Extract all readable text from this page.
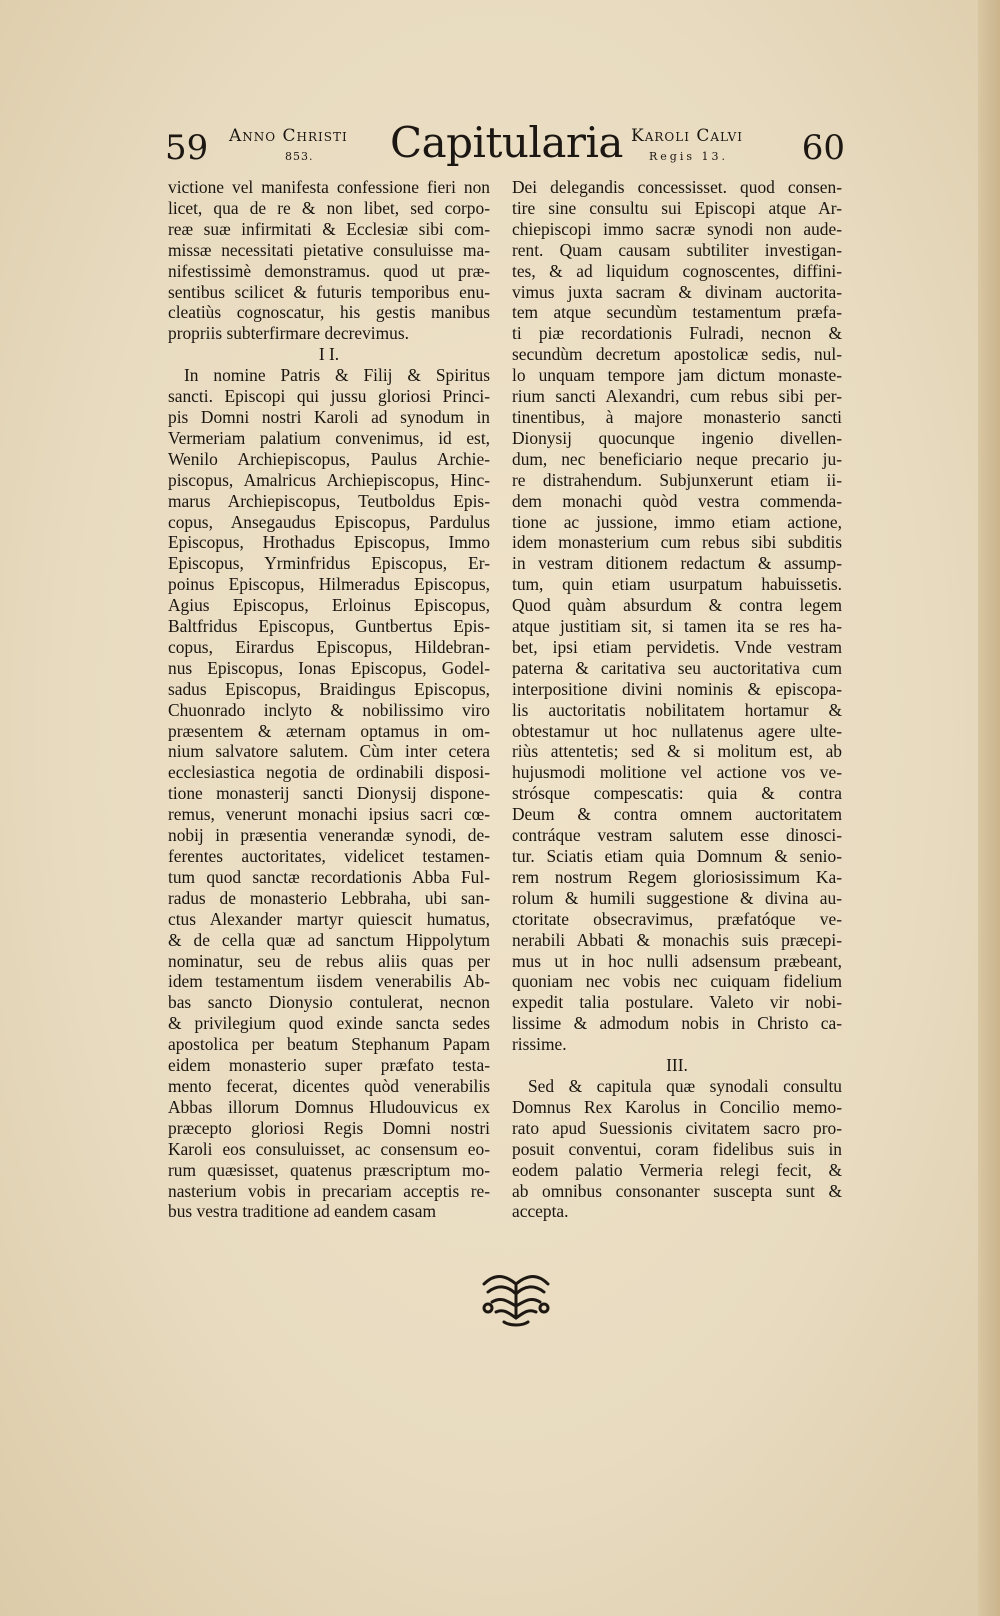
59 Anno Christi
853. Capitularia Karoli Calvi
Regis 13. 60
victione vel manifesta confessione fieri non
licet, qua de re & non libet, sed corpo-
reæ suæ infirmitati & Ecclesiæ sibi com-
missæ necessitati pietative consuluisse ma-
nifestissimè demonstramus. quod ut præ-
sentibus scilicet & futuris temporibus enu-
cleatiùs cognoscatur, his gestis manibus
propriis subterfirmare decrevimus.
I I.
In nomine Patris & Filij & Spiritus
sancti. Episcopi qui jussu gloriosi Princi-
pis Domni nostri Karoli ad synodum in
Vermeriam palatium convenimus, id est,
Wenilo Archiepiscopus, Paulus Archie-
piscopus, Amalricus Archiepiscopus, Hinc-
marus Archiepiscopus, Teutboldus Epis-
copus, Ansegaudus Episcopus, Pardulus
Episcopus, Hrothadus Episcopus, Immo
Episcopus, Yrminfridus Episcopus, Er-
poinus Episcopus, Hilmeradus Episcopus,
Agius Episcopus, Erloinus Episcopus,
Baltfridus Episcopus, Guntbertus Epis-
copus, Eirardus Episcopus, Hildebran-
nus Episcopus, Ionas Episcopus, Godel-
sadus Episcopus, Braidingus Episcopus,
Chuonrado inclyto & nobilissimo viro
præsentem & æternam optamus in om-
nium salvatore salutem. Cùm inter cetera
ecclesiastica negotia de ordinabili disposi-
tione monasterij sancti Dionysij dispone-
remus, venerunt monachi ipsius sacri cœ-
nobij in præsentia venerandæ synodi, de-
ferentes auctoritates, videlicet testamen-
tum quod sanctæ recordationis Abba Ful-
radus de monasterio Lebbraha, ubi san-
ctus Alexander martyr quiescit humatus,
& de cella quæ ad sanctum Hippolytum
nominatur, seu de rebus aliis quas per
idem testamentum iisdem venerabilis Ab-
bas sancto Dionysio contulerat, necnon
& privilegium quod exinde sancta sedes
apostolica per beatum Stephanum Papam
eidem monasterio super præfato testa-
mento fecerat, dicentes quòd venerabilis
Abbas illorum Domnus Hludouvicus ex
præcepto gloriosi Regis Domni nostri
Karoli eos consuluisset, ac consensum eo-
rum quæsisset, quatenus præscriptum mo-
nasterium vobis in precariam acceptis re-
bus vestra traditione ad eandem casam
Dei delegandis concessisset. quod consen-
tire sine consultu sui Episcopi atque Ar-
chiepiscopi immo sacræ synodi non aude-
rent. Quam causam subtiliter investigan-
tes, & ad liquidum cognoscentes, diffini-
vimus juxta sacram & divinam auctorita-
tem atque secundùm testamentum præfa-
ti piæ recordationis Fulradi, necnon &
secundùm decretum apostolicæ sedis, nul-
lo unquam tempore jam dictum monaste-
rium sancti Alexandri, cum rebus sibi per-
tinentibus, à majore monasterio sancti
Dionysij quocunque ingenio divellen-
dum, nec beneficiario neque precario ju-
re distrahendum. Subjunxerunt etiam ii-
dem monachi quòd vestra commenda-
tione ac jussione, immo etiam actione,
idem monasterium cum rebus sibi subditis
in vestram ditionem redactum & assump-
tum, quin etiam usurpatum habuissetis.
Quod quàm absurdum & contra legem
atque justitiam sit, si tamen ita se res ha-
bet, ipsi etiam pervidetis. Vnde vestram
paterna & caritativa seu auctoritativa cum
interpositione divini nominis & episcopa-
lis auctoritatis nobilitatem hortamur &
obtestamur ut hoc nullatenus agere ulte-
riùs attentetis; sed & si molitum est, ab
hujusmodi molitione vel actione vos ve-
strósque compescatis: quia & contra
Deum & contra omnem auctoritatem
contráque vestram salutem esse dinosci-
tur. Sciatis etiam quia Domnum & senio-
rem nostrum Regem gloriosissimum Ka-
rolum & humili suggestione & divina au-
ctoritate obsecravimus, præfatóque ve-
nerabili Abbati & monachis suis præcepi-
mus ut in hoc nulli adsensum præbeant,
quoniam nec vobis nec cuiquam fidelium
expedit talia postulare. Valeto vir nobi-
lissime & admodum nobis in Christo ca-
rissime.
III.
Sed & capitula quæ synodali consultu
Domnus Rex Karolus in Concilio memo-
rato apud Suessionis civitatem sacro pro-
posuit conventui, coram fidelibus suis in
eodem palatio Vermeria relegi fecit, &
ab omnibus consonanter suscepta sunt &
accepta.
